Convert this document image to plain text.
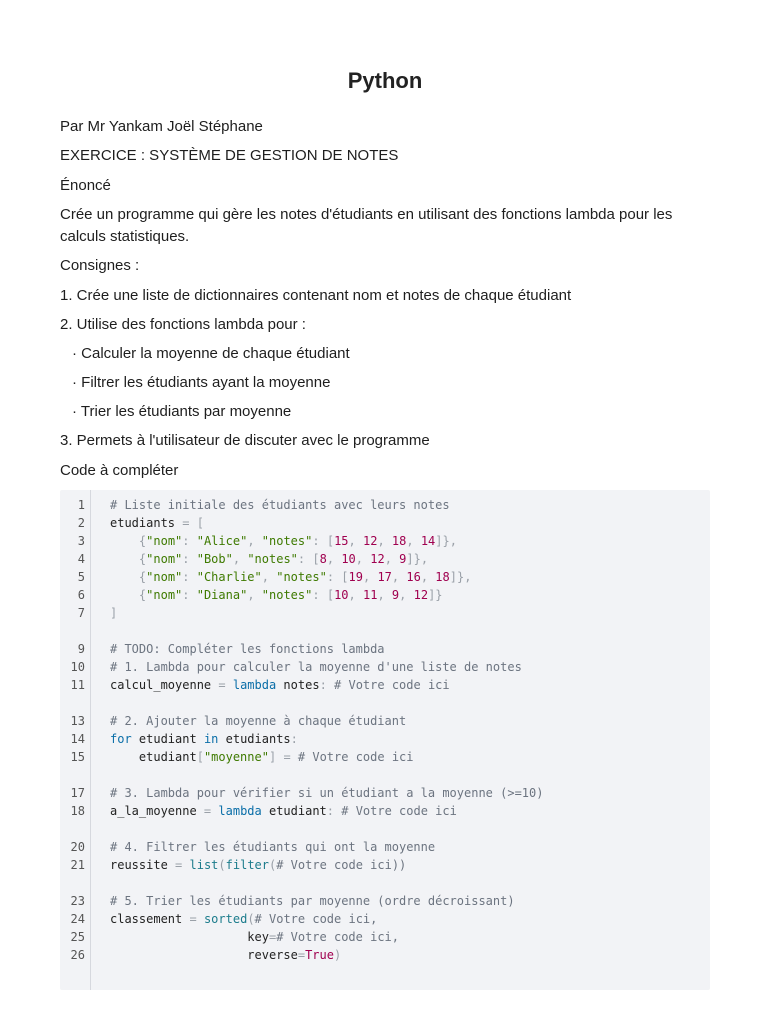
Python
Par Mr Yankam Joël Stéphane
EXERCICE : SYSTÈME DE GESTION DE NOTES
Énoncé
Crée un programme qui gère les notes d'étudiants en utilisant des fonctions lambda pour les calculs statistiques.
Consignes :
1. Crée une liste de dictionnaires contenant nom et notes de chaque étudiant
2. Utilise des fonctions lambda pour :
· Calculer la moyenne de chaque étudiant
· Filtrer les étudiants ayant la moyenne
· Trier les étudiants par moyenne
3. Permets à l'utilisateur de discuter avec le programme
Code à compléter
1
2
3
4
5
6
7
9
10
11
13
14
15
17
18
20
21
23
24
25
26
# Liste initiale des étudiants avec leurs notes
etudiants = [
{"nom": "Alice", "notes": [15, 12, 18, 14]},
{"nom": "Bob", "notes": [8, 10, 12, 9]},
{"nom": "Charlie", "notes": [19, 17, 16, 18]},
{"nom": "Diana", "notes": [10, 11, 9, 12]}
]
# TODO: Compléter les fonctions lambda
# 1. Lambda pour calculer la moyenne d'une liste de notes
calcul_moyenne = lambda notes: # Votre code ici
# 2. Ajouter la moyenne à chaque étudiant
for etudiant in etudiants:
etudiant["moyenne"] = # Votre code ici
# 3. Lambda pour vérifier si un étudiant a la moyenne (>=10)
a_la_moyenne = lambda etudiant: # Votre code ici
# 4. Filtrer les étudiants qui ont la moyenne
reussite = list(filter(# Votre code ici))
# 5. Trier les étudiants par moyenne (ordre décroissant)
classement = sorted(# Votre code ici,
key=# Votre code ici,
reverse=True)
